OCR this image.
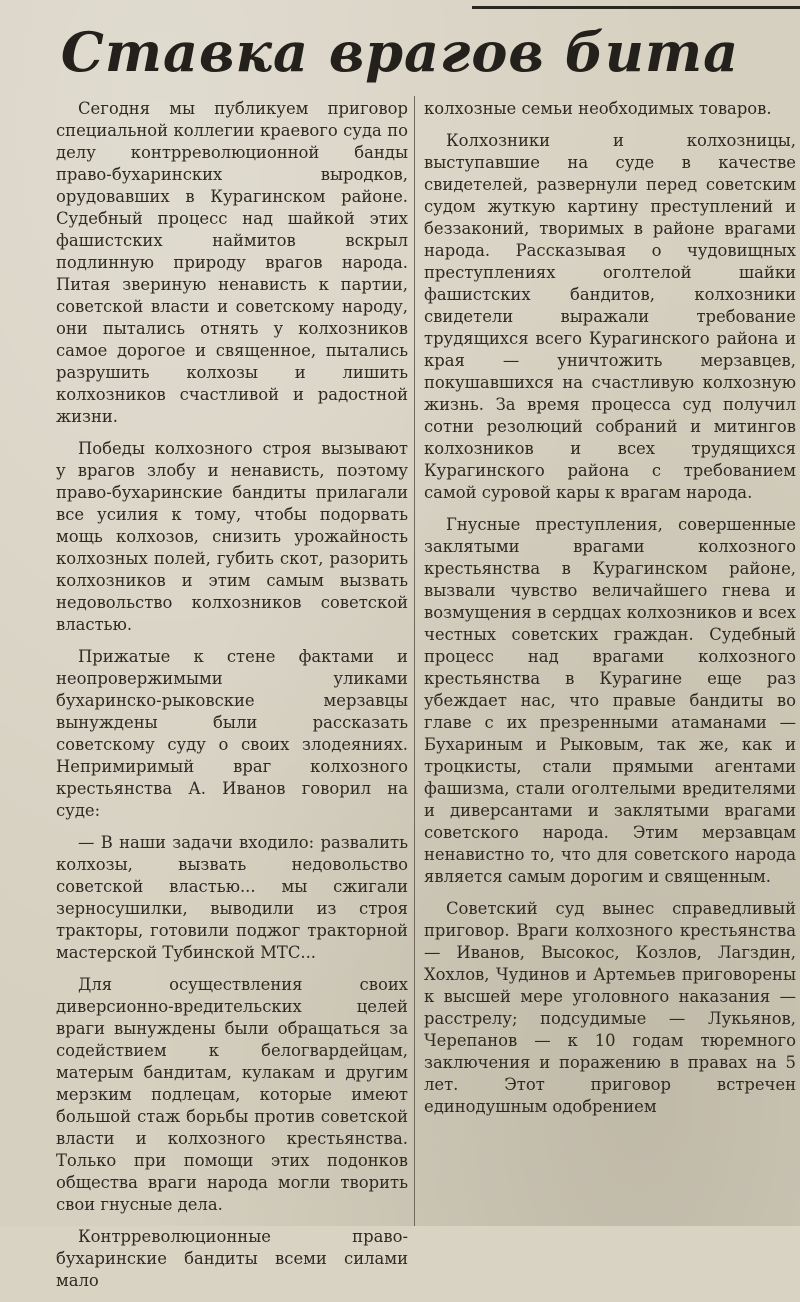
Ставка врагов бита

Сегодня мы публикуем приговор специальной коллегии краевого суда по делу контрреволюционной банды право-бухаринских выродков, орудовавших в Курагинском районе. Судебный процесс над шайкой этих фашистских наймитов вскрыл подлинную природу врагов народа. Питая звериную ненависть к партии, советской власти и советскому народу, они пытались отнять у колхозников самое дорогое и священное, пытались разрушить колхозы и лишить колхозников счастливой и радостной жизни.

Победы колхозного строя вызывают у врагов злобу и ненависть, поэтому право-бухаринские бандиты прилагали все усилия к тому, чтобы подорвать мощь колхозов, снизить урожайность колхозных полей, губить скот, разорить колхозников и этим самым вызвать недовольство колхозников советской властью.

Прижатые к стене фактами и неопровержимыми уликами бухаринско-рыковские мерзавцы вынуждены были рассказать советскому суду о своих злодеяниях. Непримиримый враг колхозного крестьянства А. Иванов говорил на суде:

— В наши задачи входило: развалить колхозы, вызвать недовольство советской властью... мы сжигали зерносушилки, выводили из строя тракторы, готовили поджог тракторной мастерской Тубинской МТС...

Для осуществления своих диверсионно-вредительских целей враги вынуждены были обращаться за содействием к белогвардейцам, матерым бандитам, кулакам и другим мерзким подлецам, которые имеют большой стаж борьбы против советской власти и колхозного крестьянства. Только при помощи этих подонков общества враги народа могли творить свои гнусные дела.

Контрреволюционные право-бухаринские бандиты всеми силами мало

колхозные семьи необходимых товаров.

Колхозники и колхозницы, выступавшие на суде в качестве свидетелей, развернули перед советским судом жуткую картину преступлений и беззаконий, творимых в районе врагами народа. Рассказывая о чудовищных преступлениях оголтелой шайки фашистских бандитов, колхозники свидетели выражали требование трудящихся всего Курагинского района и края — уничтожить мерзавцев, покушавшихся на счастливую колхозную жизнь. За время процесса суд получил сотни резолюций собраний и митингов колхозников и всех трудящихся Курагинского района с требованием самой суровой кары к врагам народа.

Гнусные преступления, совершенные заклятыми врагами колхозного крестьянства в Курагинском районе, вызвали чувство величайшего гнева и возмущения в сердцах колхозников и всех честных советских граждан. Судебный процесс над врагами колхозного крестьянства в Курагине еще раз убеждает нас, что правые бандиты во главе с их презренными атаманами — Бухариным и Рыковым, так же, как и троцкисты, стали прямыми агентами фашизма, стали оголтелыми вредителями и диверсантами и заклятыми врагами советского народа. Этим мерзавцам ненавистно то, что для советского народа является самым дорогим и священным.

Советский суд вынес справедливый приговор. Враги колхозного крестьянства — Иванов, Высокос, Козлов, Лагздин, Хохлов, Чудинов и Артемьев приговорены к высшей мере уголовного наказания — расстрелу; подсудимые — Лукьянов, Черепанов — к 10 годам тюремного заключения и поражению в правах на 5 лет. Этот приговор встречен единодушным одобрением
